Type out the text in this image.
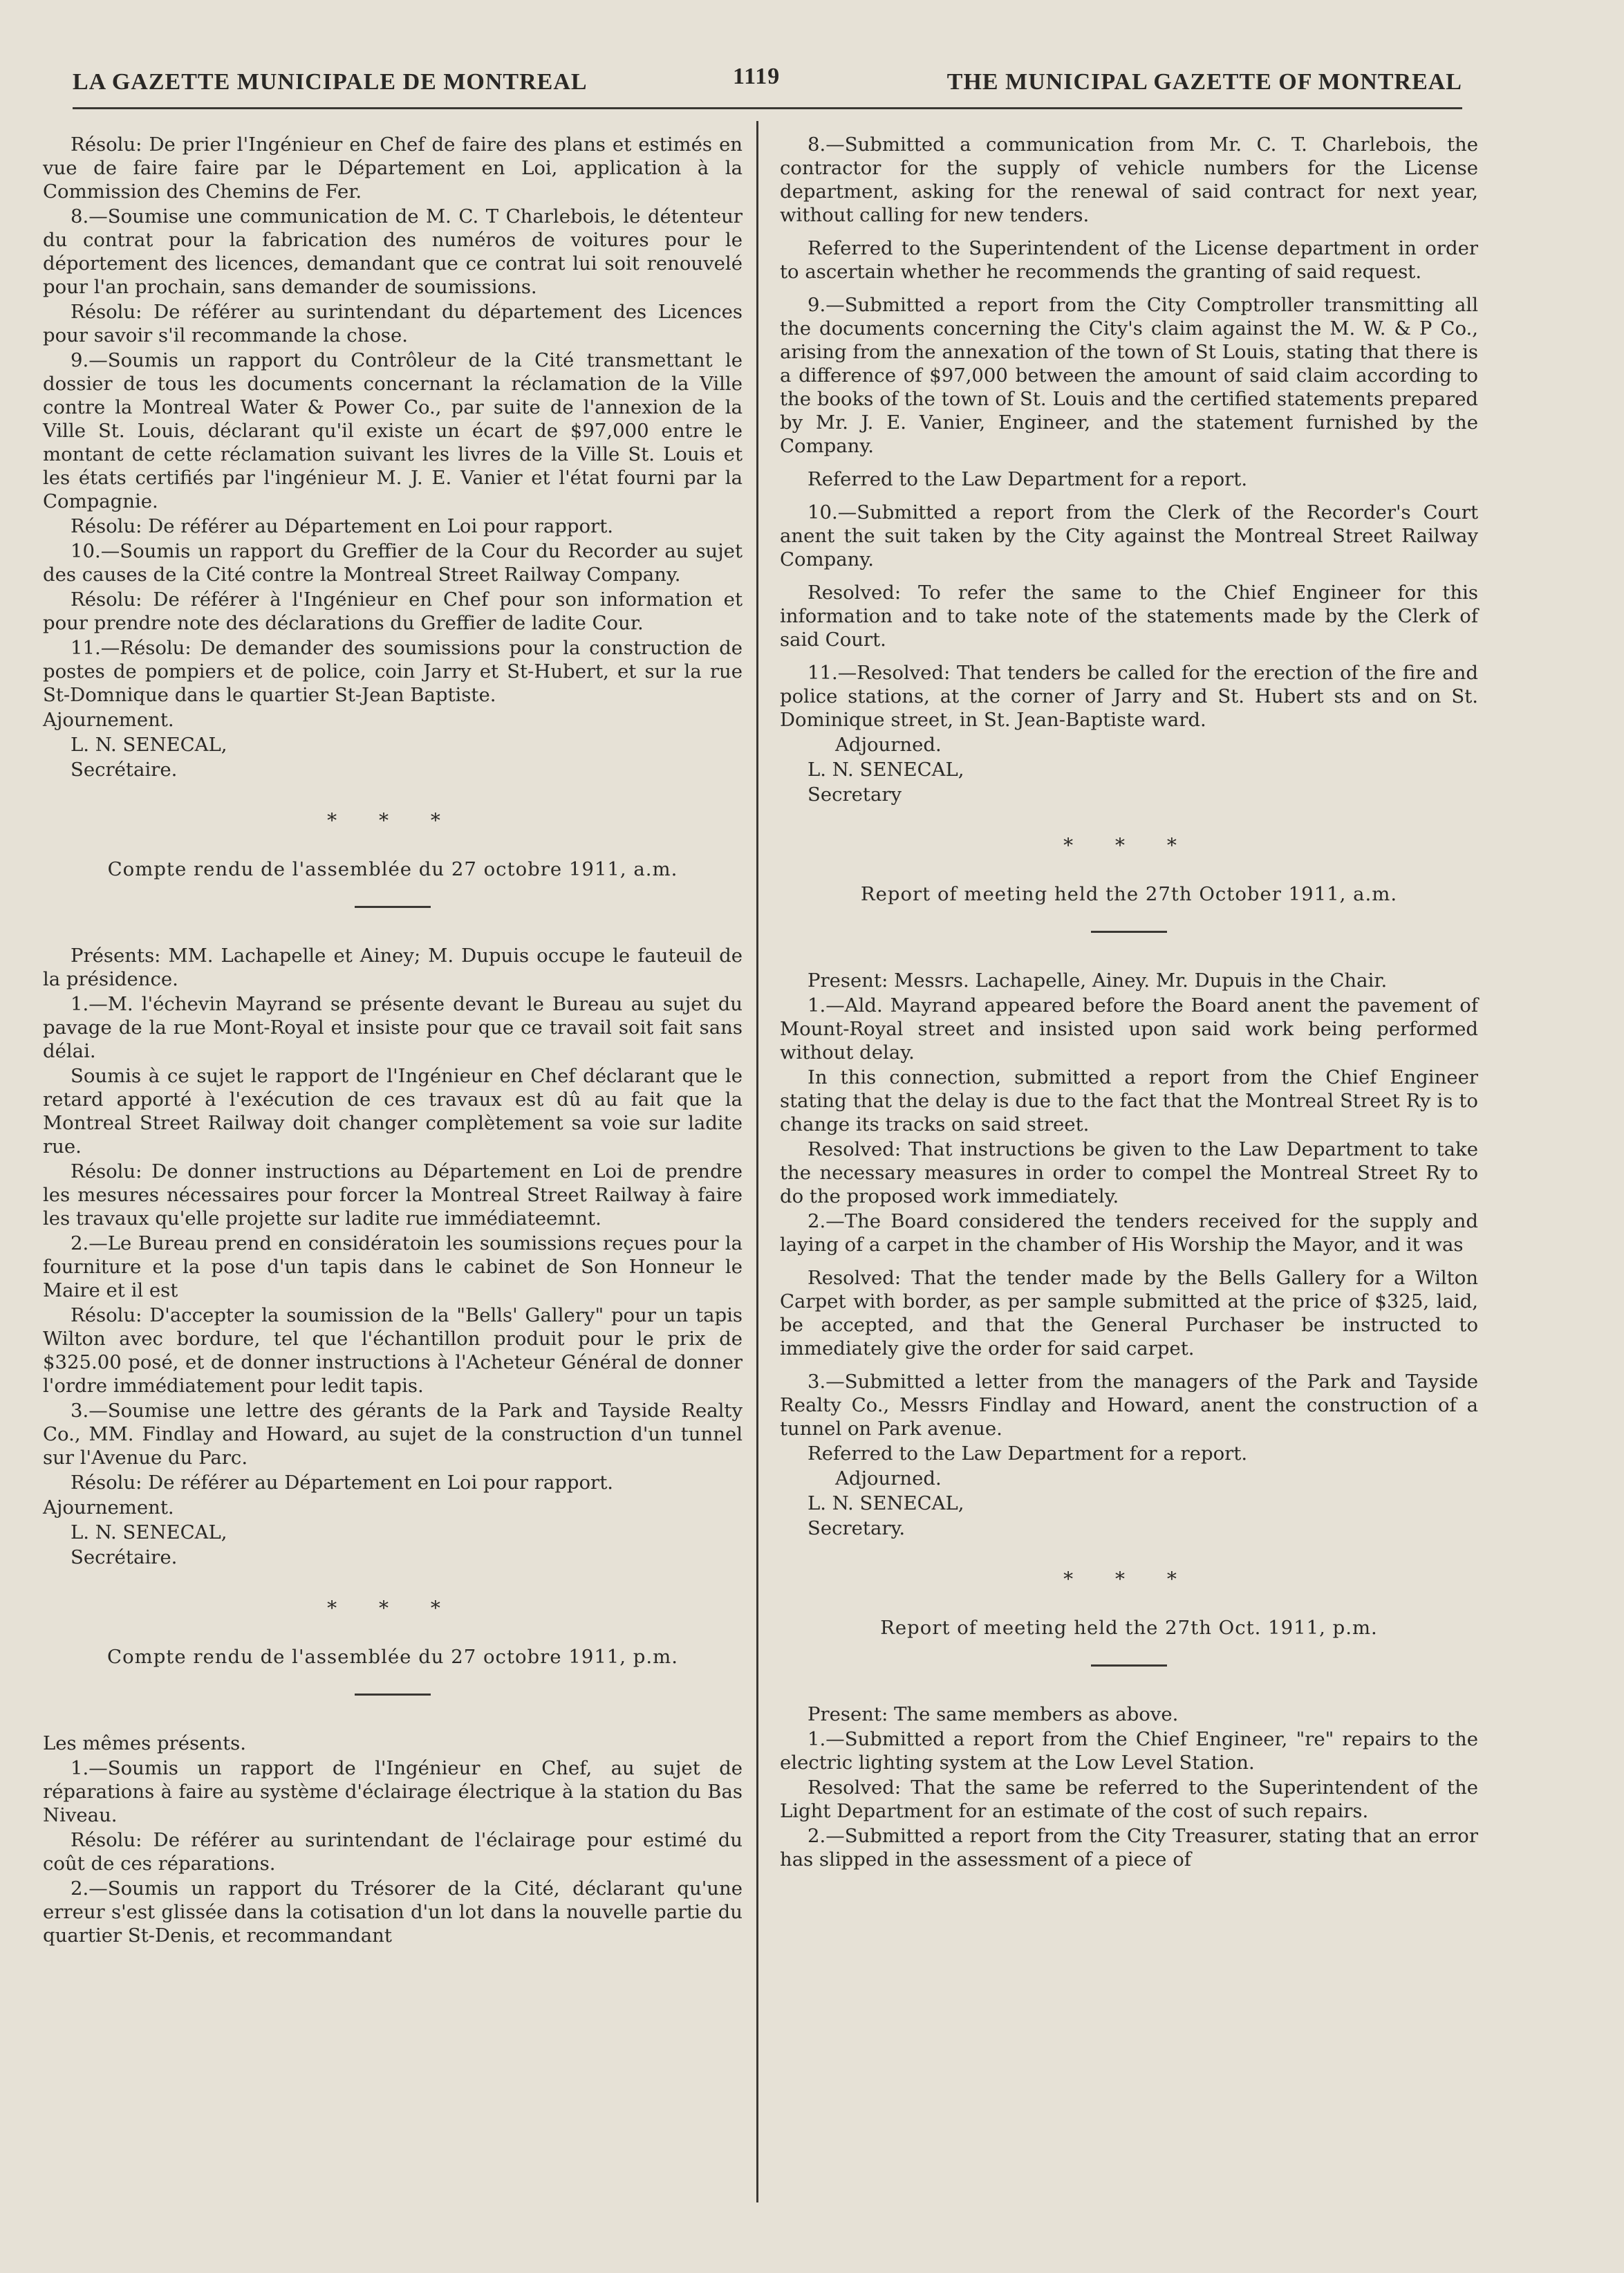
LA GAZETTE MUNICIPALE DE MONTREAL	1119	THE MUNICIPAL GAZETTE OF MONTREAL

Résolu: De prier l'Ingénieur en Chef de faire des plans et estimés en vue de faire faire par le Département en Loi, application à la Commission des Chemins de Fer.

8.—Soumise une communication de M. C. T Charlebois, le détenteur du contrat pour la fabrication des numéros de voitures pour le déportement des licences, demandant que ce contrat lui soit renouvelé pour l'an prochain, sans demander de soumissions.

Résolu: De référer au surintendant du département des Licences pour savoir s'il recommande la chose.

9.—Soumis un rapport du Contrôleur de la Cité transmettant le dossier de tous les documents concernant la réclamation de la Ville contre la Montreal Water & Power Co., par suite de l'annexion de la Ville St. Louis, déclarant qu'il existe un écart de $97,000 entre le montant de cette réclamation suivant les livres de la Ville St. Louis et les états certifiés par l'ingénieur M. J. E. Vanier et l'état fourni par la Compagnie.

Résolu: De référer au Département en Loi pour rapport.

10.—Soumis un rapport du Greffier de la Cour du Recorder au sujet des causes de la Cité contre la Montreal Street Railway Company.

Résolu: De référer à l'Ingénieur en Chef pour son information et pour prendre note des déclarations du Greffier de ladite Cour.

11.—Résolu: De demander des soumissions pour la construction de postes de pompiers et de police, coin Jarry et St-Hubert, et sur la rue St-Domnique dans le quartier St-Jean Baptiste.

Ajournement.

L. N. SENECAL,

Secrétaire.

* * *
Compte rendu de l'assemblée du 27 octobre 1911, a.m.

Présents: MM. Lachapelle et Ainey; M. Dupuis occupe le fauteuil de la présidence.

1.—M. l'échevin Mayrand se présente devant le Bureau au sujet du pavage de la rue Mont-Royal et insiste pour que ce travail soit fait sans délai.

Soumis à ce sujet le rapport de l'Ingénieur en Chef déclarant que le retard apporté à l'exécution de ces travaux est dû au fait que la Montreal Street Railway doit changer complètement sa voie sur ladite rue.

Résolu: De donner instructions au Département en Loi de prendre les mesures nécessaires pour forcer la Montreal Street Railway à faire les travaux qu'elle projette sur ladite rue immédiateemnt.

2.—Le Bureau prend en considératoin les soumissions reçues pour la fourniture et la pose d'un tapis dans le cabinet de Son Honneur le Maire et il est

Résolu: D'accepter la soumission de la "Bells' Gallery" pour un tapis Wilton avec bordure, tel que l'échantillon produit pour le prix de $325.00 posé, et de donner instructions à l'Acheteur Général de donner l'ordre immédiatement pour ledit tapis.

3.—Soumise une lettre des gérants de la Park and Tayside Realty Co., MM. Findlay and Howard, au sujet de la construction d'un tunnel sur l'Avenue du Parc.

Résolu: De référer au Département en Loi pour rapport.

Ajournement.

L. N. SENECAL,

Secrétaire.

* * *
Compte rendu de l'assemblée du 27 octobre 1911, p.m.

Les mêmes présents.

1.—Soumis un rapport de l'Ingénieur en Chef, au sujet de réparations à faire au système d'éclairage électrique à la station du Bas Niveau.

Résolu: De référer au surintendant de l'éclairage pour estimé du coût de ces réparations.

2.—Soumis un rapport du Trésorer de la Cité, déclarant qu'une erreur s'est glissée dans la cotisation d'un lot dans la nouvelle partie du quartier St-Denis, et recommandant

8.—Submitted a communication from Mr. C. T. Charlebois, the contractor for the supply of vehicle numbers for the License department, asking for the renewal of said contract for next year, without calling for new tenders.

Referred to the Superintendent of the License department in order to ascertain whether he recommends the granting of said request.

9.—Submitted a report from the City Comptroller transmitting all the documents concerning the City's claim against the M. W. & P Co., arising from the annexation of the town of St Louis, stating that there is a difference of $97,000 between the amount of said claim according to the books of the town of St. Louis and the certified statements prepared by Mr. J. E. Vanier, Engineer, and the statement furnished by the Company.

Referred to the Law Department for a report.

10.—Submitted a report from the Clerk of the Recorder's Court anent the suit taken by the City against the Montreal Street Railway Company.

Resolved: To refer the same to the Chief Engineer for this information and to take note of the statements made by the Clerk of said Court.

11.—Resolved: That tenders be called for the erection of the fire and police stations, at the corner of Jarry and St. Hubert sts and on St. Dominique street, in St. Jean-Baptiste ward.

Adjourned.

L. N. SENECAL,

Secretary

* * *
Report of meeting held the 27th October 1911, a.m.

Present: Messrs. Lachapelle, Ainey. Mr. Dupuis in the Chair.

1.—Ald. Mayrand appeared before the Board anent the pavement of Mount-Royal street and insisted upon said work being performed without delay.

In this connection, submitted a report from the Chief Engineer stating that the delay is due to the fact that the Montreal Street Ry is to change its tracks on said street.

Resolved: That instructions be given to the Law Department to take the necessary measures in order to compel the Montreal Street Ry to do the proposed work immediately.

2.—The Board considered the tenders received for the supply and laying of a carpet in the chamber of His Worship the Mayor, and it was

Resolved: That the tender made by the Bells Gallery for a Wilton Carpet with border, as per sample submitted at the price of $325, laid, be accepted, and that the General Purchaser be instructed to immediately give the order for said carpet.

3.—Submitted a letter from the managers of the Park and Tayside Realty Co., Messrs Findlay and Howard, anent the construction of a tunnel on Park avenue.

Referred to the Law Department for a report.

Adjourned.

L. N. SENECAL,

Secretary.

* * *
Report of meeting held the 27th Oct. 1911, p.m.

Present: The same members as above.

1.—Submitted a report from the Chief Engineer, "re" repairs to the electric lighting system at the Low Level Station.

Resolved: That the same be referred to the Superintendent of the Light Department for an estimate of the cost of such repairs.

2.—Submitted a report from the City Treasurer, stating that an error has slipped in the assessment of a piece of
